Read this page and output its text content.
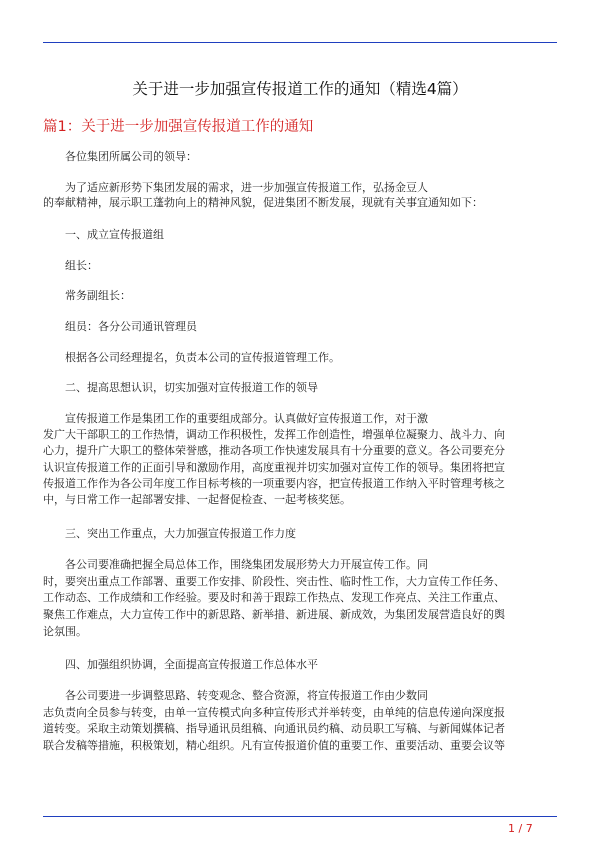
关于进一步加强宣传报道工作的通知（精选4篇）
篇1：关于进一步加强宣传报道工作的通知
各位集团所属公司的领导：
为了适应新形势下集团发展的需求，进一步加强宣传报道工作，弘扬金豆人
的奉献精神，展示职工蓬勃向上的精神风貌，促进集团不断发展，现就有关事宜通知如下：
一、成立宣传报道组
组长：
常务副组长：
组员：各分公司通讯管理员
根据各公司经理提名，负责本公司的宣传报道管理工作。
二、提高思想认识，切实加强对宣传报道工作的领导
宣传报道工作是集团工作的重要组成部分。认真做好宣传报道工作，对于激
发广大干部职工的工作热情，调动工作积极性，发挥工作创造性，增强单位凝聚力、战斗力、向
心力，提升广大职工的整体荣誉感，推动各项工作快速发展具有十分重要的意义。各公司要充分
认识宣传报道工作的正面引导和激励作用，高度重视并切实加强对宣传工作的领导。集团将把宣
传报道工作作为各公司年度工作目标考核的一项重要内容，把宣传报道工作纳入平时管理考核之
中，与日常工作一起部署安排、一起督促检查、一起考核奖惩。
三、突出工作重点，大力加强宣传报道工作力度
各公司要准确把握全局总体工作，围绕集团发展形势大力开展宣传工作。同
时，要突出重点工作部署、重要工作安排、阶段性、突击性、临时性工作，大力宣传工作任务、
工作动态、工作成绩和工作经验。要及时和善于跟踪工作热点、发现工作亮点、关注工作重点、
聚焦工作难点，大力宣传工作中的新思路、新举措、新进展、新成效，为集团发展营造良好的舆
论氛围。
四、加强组织协调，全面提高宣传报道工作总体水平
各公司要进一步调整思路、转变观念、整合资源，将宣传报道工作由少数同
志负责向全员参与转变，由单一宣传模式向多种宣传形式并举转变，由单纯的信息传递向深度报
道转变。采取主动策划撰稿、指导通讯员组稿、向通讯员约稿、动员职工写稿、与新闻媒体记者
联合发稿等措施，积极策划，精心组织。凡有宣传报道价值的重要工作、重要活动、重要会议等
1 / 7
